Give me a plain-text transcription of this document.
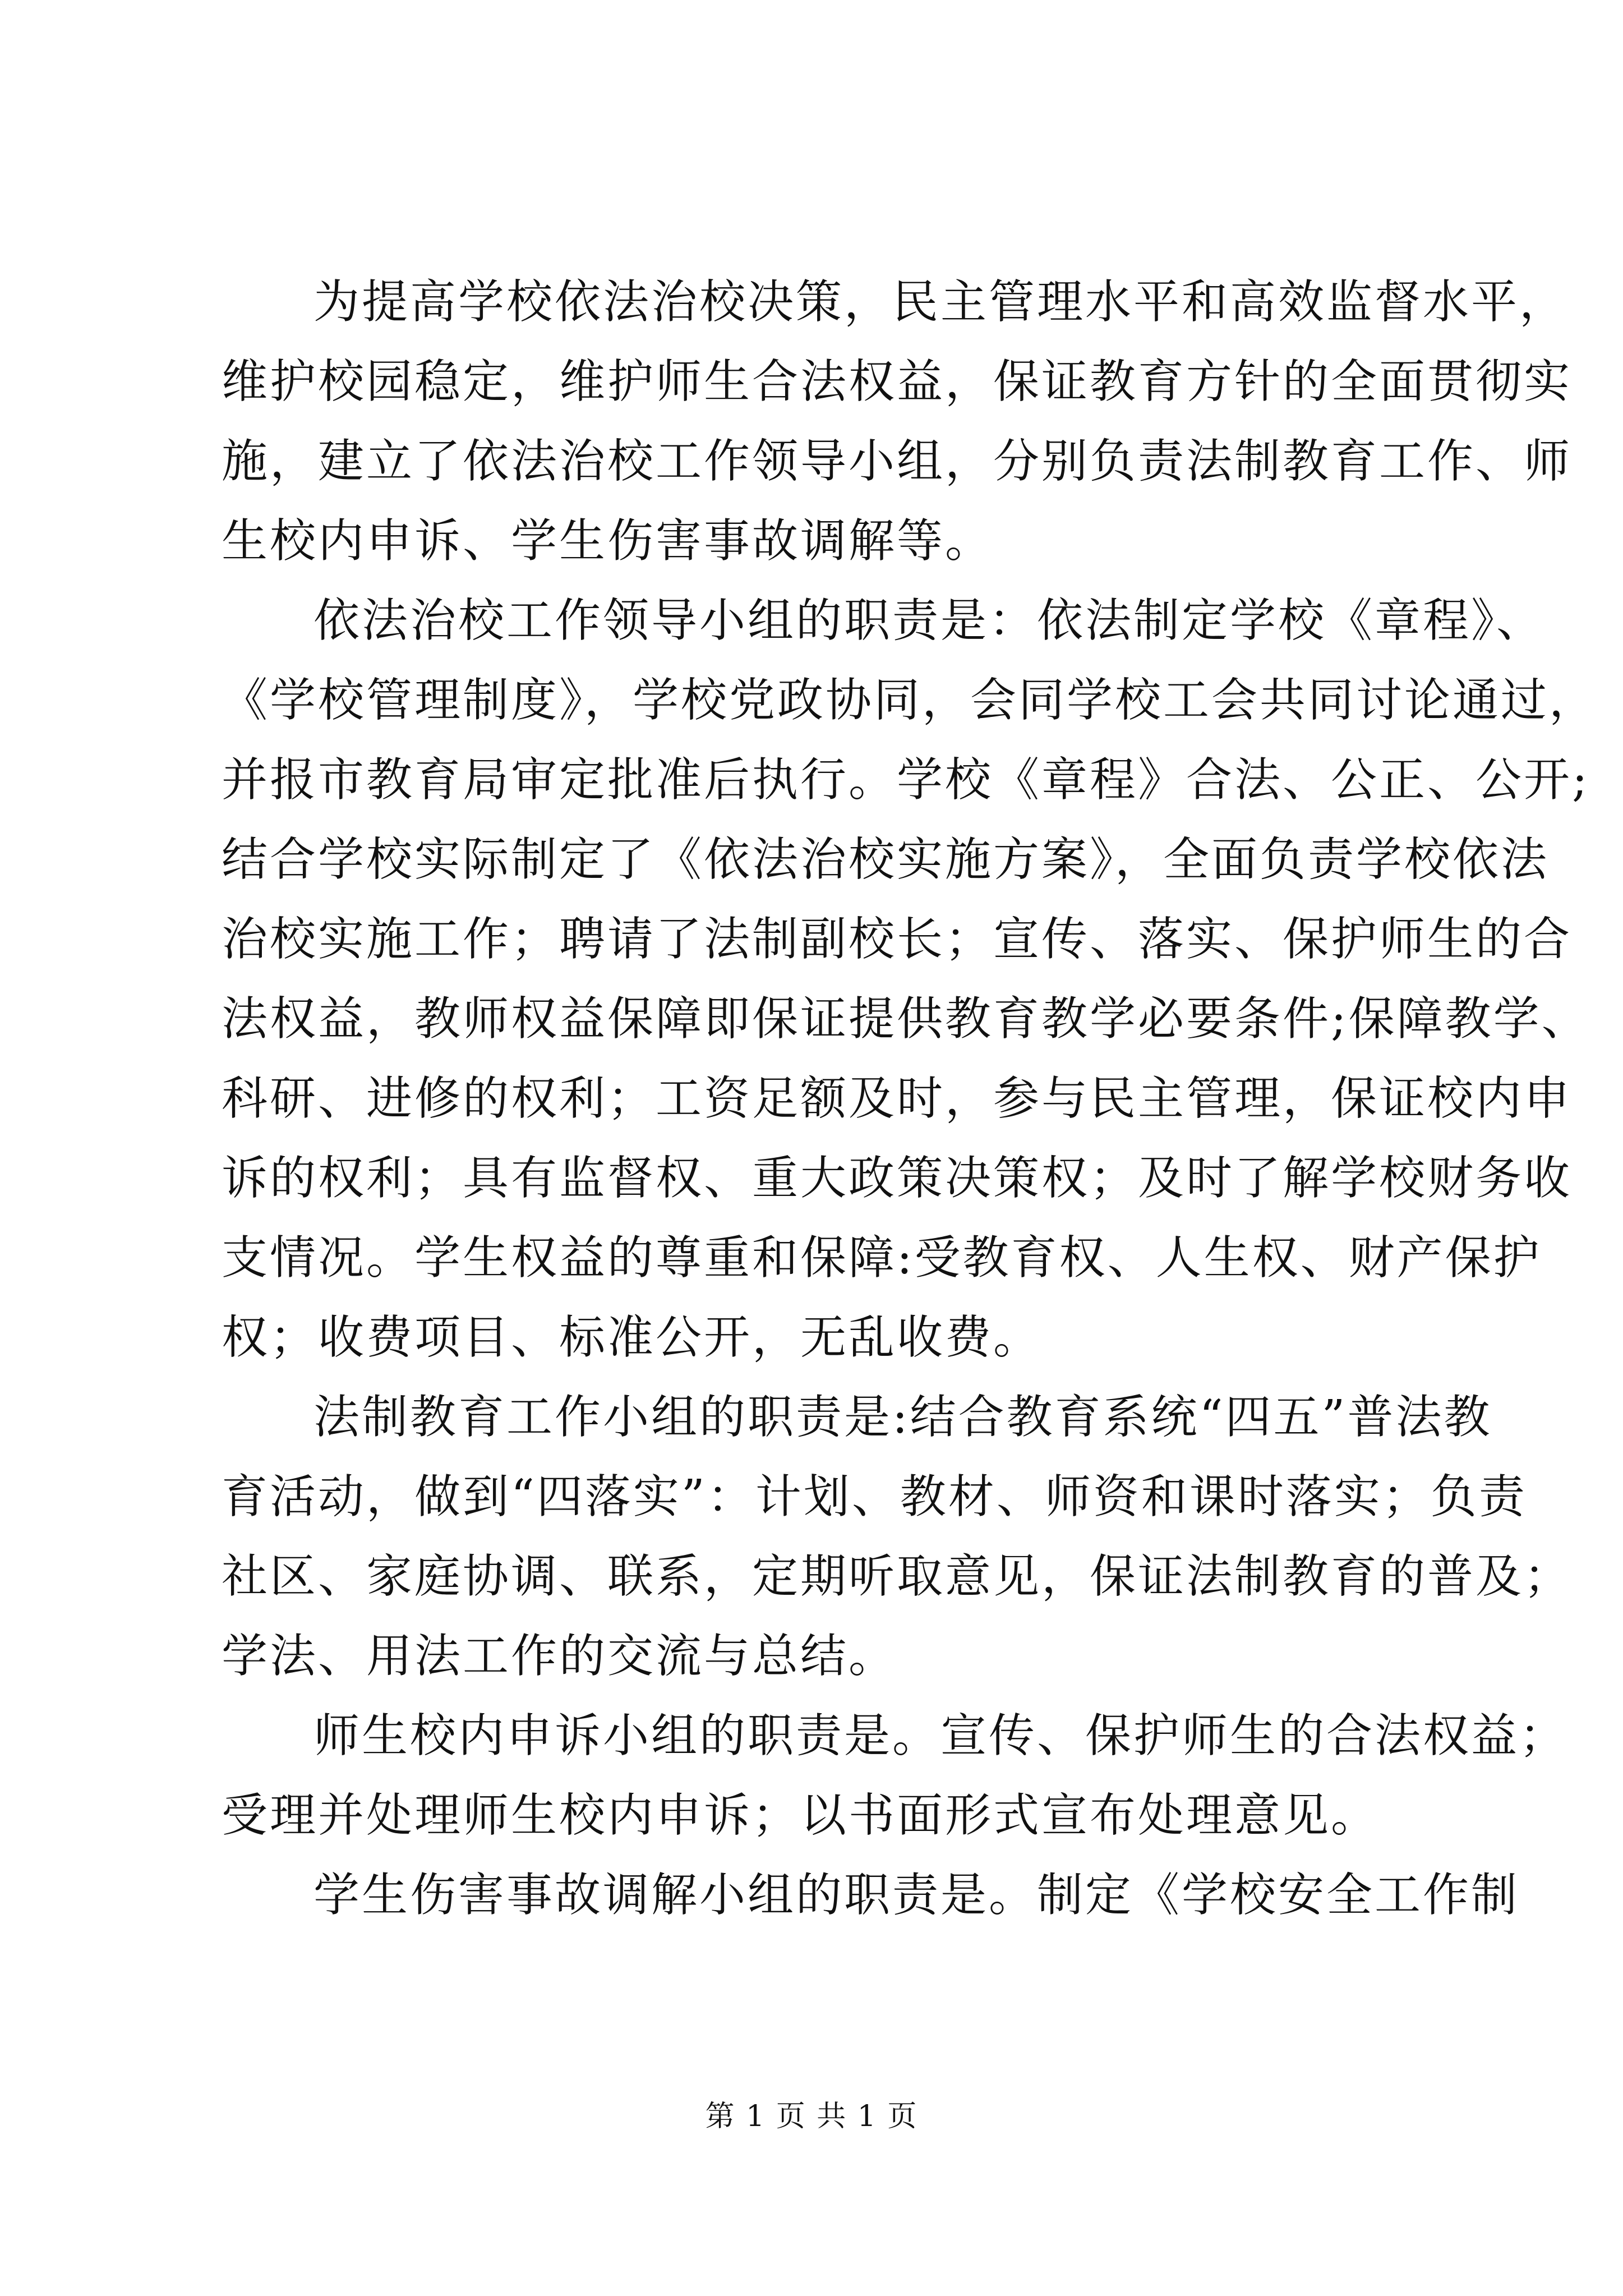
为提高学校依法治校决策，民主管理水平和高效监督水平，
维护校园稳定，维护师生合法权益，保证教育方针的全面贯彻实
施，建立了依法治校工作领导小组，分别负责法制教育工作、师
生校内申诉、学生伤害事故调解等。
依法治校工作领导小组的职责是：依法制定学校《章程》、
《学校管理制度》，学校党政协同，会同学校工会共同讨论通过，
并报市教育局审定批准后执行。学校《章程》合法、公正、公开;
结合学校实际制定了《依法治校实施方案》，全面负责学校依法
治校实施工作；聘请了法制副校长；宣传、落实、保护师生的合
法权益，教师权益保障即保证提供教育教学必要条件;保障教学、
科研、进修的权利；工资足额及时，参与民主管理，保证校内申
诉的权利；具有监督权、重大政策决策权；及时了解学校财务收
支情况。学生权益的尊重和保障:受教育权、人生权、财产保护
权；收费项目、标准公开，无乱收费。
法制教育工作小组的职责是:结合教育系统“四五”普法教
育活动，做到“四落实”：计划、教材、师资和课时落实；负责
社区、家庭协调、联系，定期听取意见，保证法制教育的普及；
学法、用法工作的交流与总结。
师生校内申诉小组的职责是。宣传、保护师生的合法权益；
受理并处理师生校内申诉；以书面形式宣布处理意见。
学生伤害事故调解小组的职责是。制定《学校安全工作制
第 1 页 共 1 页
